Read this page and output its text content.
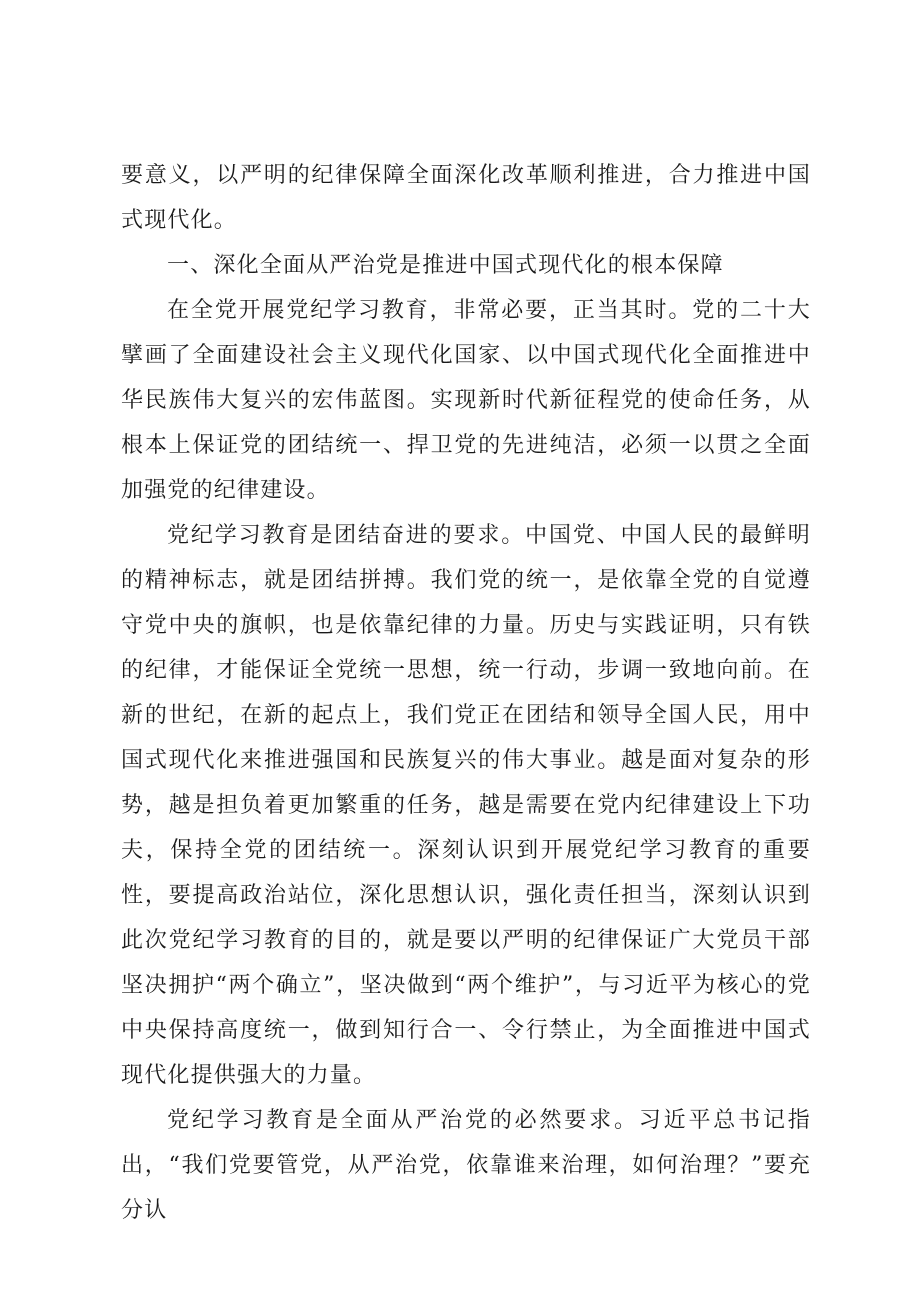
要意义，以严明的纪律保障全面深化改革顺利推进，合力推进中国式现代化。

一、深化全面从严治党是推进中国式现代化的根本保障

在全党开展党纪学习教育，非常必要，正当其时。党的二十大擘画了全面建设社会主义现代化国家、以中国式现代化全面推进中华民族伟大复兴的宏伟蓝图。实现新时代新征程党的使命任务，从根本上保证党的团结统一、捍卫党的先进纯洁，必须一以贯之全面加强党的纪律建设。

党纪学习教育是团结奋进的要求。中国党、中国人民的最鲜明的精神标志，就是团结拼搏。我们党的统一，是依靠全党的自觉遵守党中央的旗帜，也是依靠纪律的力量。历史与实践证明，只有铁的纪律，才能保证全党统一思想，统一行动，步调一致地向前。在新的世纪，在新的起点上，我们党正在团结和领导全国人民，用中国式现代化来推进强国和民族复兴的伟大事业。越是面对复杂的形势，越是担负着更加繁重的任务，越是需要在党内纪律建设上下功夫，保持全党的团结统一。深刻认识到开展党纪学习教育的重要性，要提高政治站位，深化思想认识，强化责任担当，深刻认识到此次党纪学习教育的目的，就是要以严明的纪律保证广大党员干部坚决拥护“两个确立”，坚决做到“两个维护”，与习近平为核心的党中央保持高度统一，做到知行合一、令行禁止，为全面推进中国式现代化提供强大的力量。

党纪学习教育是全面从严治党的必然要求。习近平总书记指出，“我们党要管党，从严治党，依靠谁来治理，如何治理？”要充分认
